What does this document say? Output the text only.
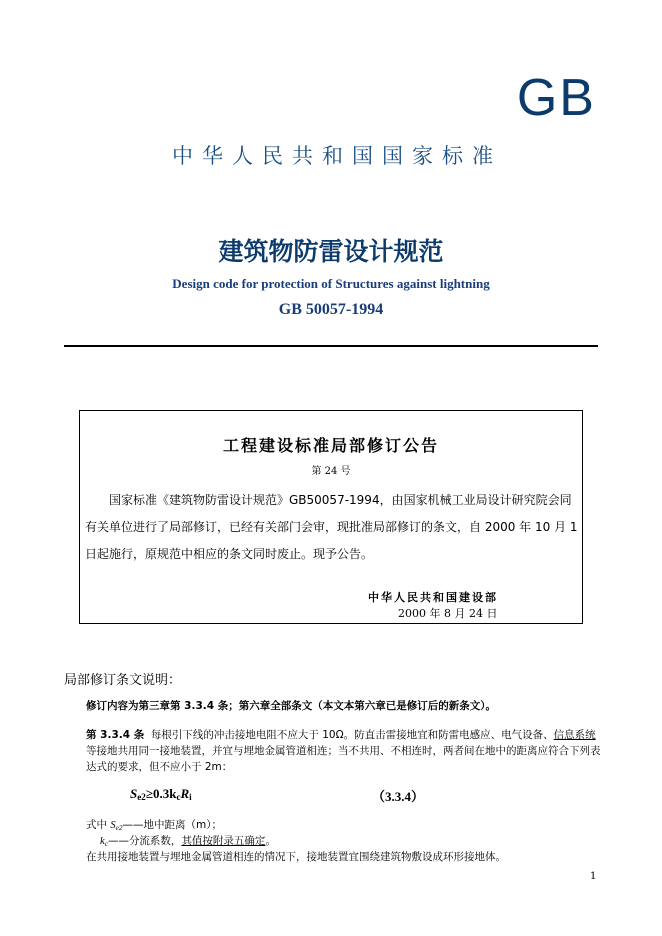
GB
中华人民共和国国家标准
建筑物防雷设计规范
Design code for protection of Structures against lightning
GB 50057-1994
工程建设标准局部修订公告
第 24 号
国家标准《建筑物防雷设计规范》GB50057-1994，由国家机械工业局设计研究院会同有关单位进行了局部修订，已经有关部门会审，现批准局部修订的条文，自 2000 年 10 月 1 日起施行，原规范中相应的条文同时废止。现予公告。
中华人民共和国建设部
2000 年 8 月 24 日
局部修订条文说明：
修订内容为第三章第 3.3.4 条；第六章全部条文（本文本第六章已是修订后的新条文）。
第 3.3.4 条 每根引下线的冲击接地电阻不应大于 10Ω。防直击雷接地宜和防雷电感应、电气设备、信息系统等接地共用同一接地装置，并宜与埋地金属管道相连；当不共用、不相连时，两者间在地中的距离应符合下列表达式的要求，但不应小于 2m：
$S_{e2}\ge 0.3k_cR_i$	（3.3.4）
式中 $S_{e2}——$地中距离（m）；
$k_c——$分流系数，其值按附录五确定。
在共用接地装置与埋地金属管道相连的情况下，接地装置宜围绕建筑物敷设成环形接地体。
1
